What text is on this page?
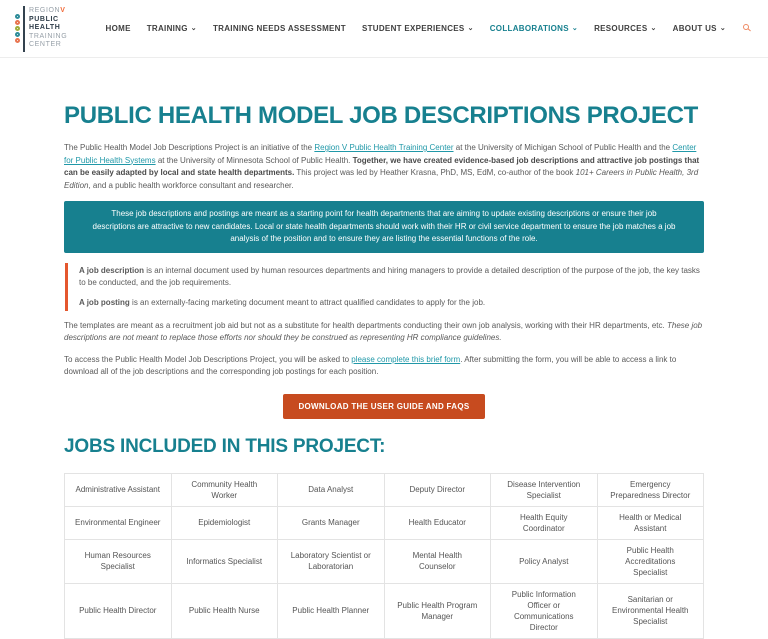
REGIONV
PUBLIC
HEALTH
TRAINING
CENTER
HOME TRAINING ⌄ TRAINING NEEDS ASSESSMENT STUDENT EXPERIENCES ⌄ COLLABORATIONS ⌄ RESOURCES ⌄ ABOUT US ⌄
PUBLIC HEALTH MODEL JOB DESCRIPTIONS PROJECT

The Public Health Model Job Descriptions Project is an initiative of the Region V Public Health Training Center at the University of Michigan School of Public Health and the Center for Public Health Systems at the University of Minnesota School of Public Health. Together, we have created evidence-based job descriptions and attractive job postings that can be easily adapted by local and state health departments. This project was led by Heather Krasna, PhD, MS, EdM, co-author of the book 101+ Careers in Public Health, 3rd Edition, and a public health workforce consultant and researcher.

These job descriptions and postings are meant as a starting point for health departments that are aiming to update existing descriptions or ensure their job descriptions are attractive to new candidates. Local or state health departments should work with their HR or civil service department to ensure the job matches a job analysis of the position and to ensure they are listing the essential functions of the role.

A job description is an internal document used by human resources departments and hiring managers to provide a detailed description of the purpose of the job, the key tasks to be conducted, and the job requirements.

A job posting is an externally-facing marketing document meant to attract qualified candidates to apply for the job.

The templates are meant as a recruitment job aid but not as a substitute for health departments conducting their own job analysis, working with their HR departments, etc. These job descriptions are not meant to replace those efforts nor should they be construed as representing HR compliance guidelines.

To access the Public Health Model Job Descriptions Project, you will be asked to please complete this brief form. After submitting the form, you will be able to access a link to download all of the job descriptions and the corresponding job postings for each position.

DOWNLOAD THE USER GUIDE AND FAQS
JOBS INCLUDED IN THIS PROJECT:
Administrative Assistant	Community Health Worker	Data Analyst	Deputy Director	Disease Intervention Specialist	Emergency Preparedness Director
Environmental Engineer	Epidemiologist	Grants Manager	Health Educator	Health Equity Coordinator	Health or Medical Assistant
Human Resources Specialist	Informatics Specialist	Laboratory Scientist or Laboratorian	Mental Health Counselor	Policy Analyst	Public Health Accreditations Specialist
Public Health Director	Public Health Nurse	Public Health Planner	Public Health Program Manager	Public Information Officer or Communications Director	Sanitarian or Environmental Health Specialist
